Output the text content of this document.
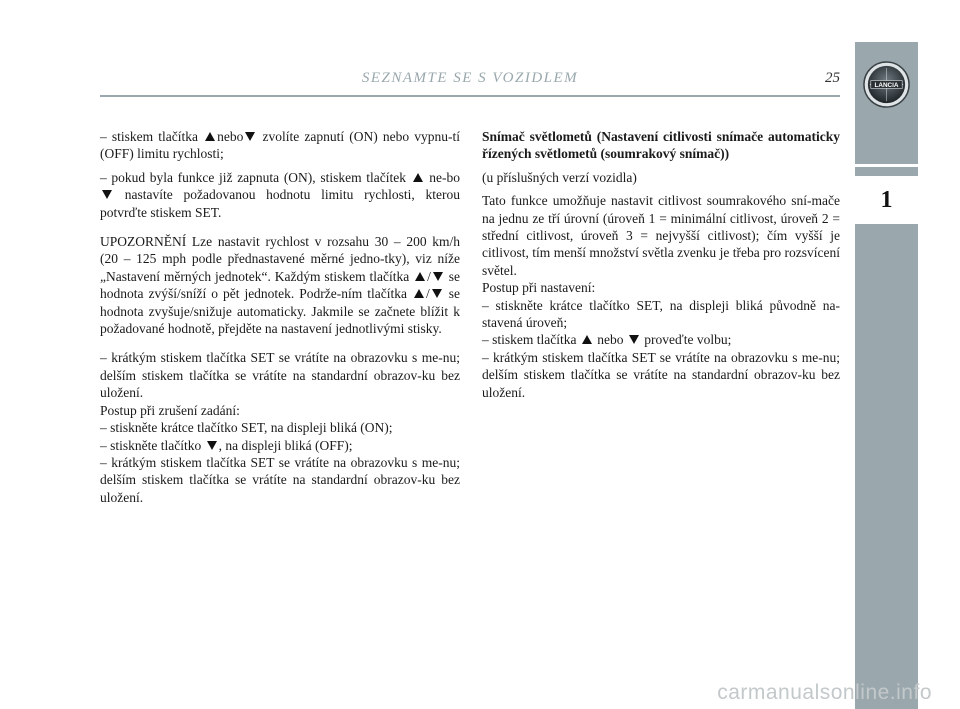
SEZNAMTE SE S VOZIDLEM	25	LANCIA
1

– stiskem tlačítka nebo zvolíte zapnutí (ON) nebo vypnu-tí (OFF) limitu rychlosti;

– pokud byla funkce již zapnuta (ON), stiskem tlačítek ne-bo  nastavíte požadovanou hodnotu limitu rychlosti, kterou potvrďte stiskem SET.

UPOZORNĚNÍ Lze nastavit rychlost v rozsahu 30 – 200 km/h (20 – 125 mph podle přednastavené měrné jedno-tky), viz níže „Nastavení měrných jednotek“. Každým stiskem tlačítka / se hodnota zvýší/sníží o pět jednotek. Podrže-ním tlačítka / se hodnota zvyšuje/snižuje automaticky. Jakmile se začnete blížit k požadované hodnotě, přejděte na nastavení jednotlivými stisky.

– krátkým stiskem tlačítka SET se vrátíte na obrazovku s me-nu; delším stiskem tlačítka se vrátíte na standardní obrazov-ku bez uložení.

Postup při zrušení zadání:

– stiskněte krátce tlačítko SET, na displeji bliká (ON);

– stiskněte tlačítko , na displeji bliká (OFF);

– krátkým stiskem tlačítka SET se vrátíte na obrazovku s me-nu; delším stiskem tlačítka se vrátíte na standardní obrazov-ku bez uložení.

Snímač světlometů (Nastavení citlivosti snímače automaticky řízených světlometů (soumrakový snímač))

(u příslušných verzí vozidla)

Tato funkce umožňuje nastavit citlivost soumrakového sní-mače na jednu ze tří úrovní (úroveň 1 = minimální citlivost, úroveň 2 = střední citlivost, úroveň 3 = nejvyšší citlivost); čím vyšší je citlivost, tím menší množství světla zvenku je třeba pro rozsvícení světel.

Postup při nastavení:

– stiskněte krátce tlačítko SET, na displeji bliká původně na-stavená úroveň;

– stiskem tlačítka nebo proveďte volbu;

– krátkým stiskem tlačítka SET se vrátíte na obrazovku s me-nu; delším stiskem tlačítka se vrátíte na standardní obrazov-ku bez uložení.

carmanualsonline.info
